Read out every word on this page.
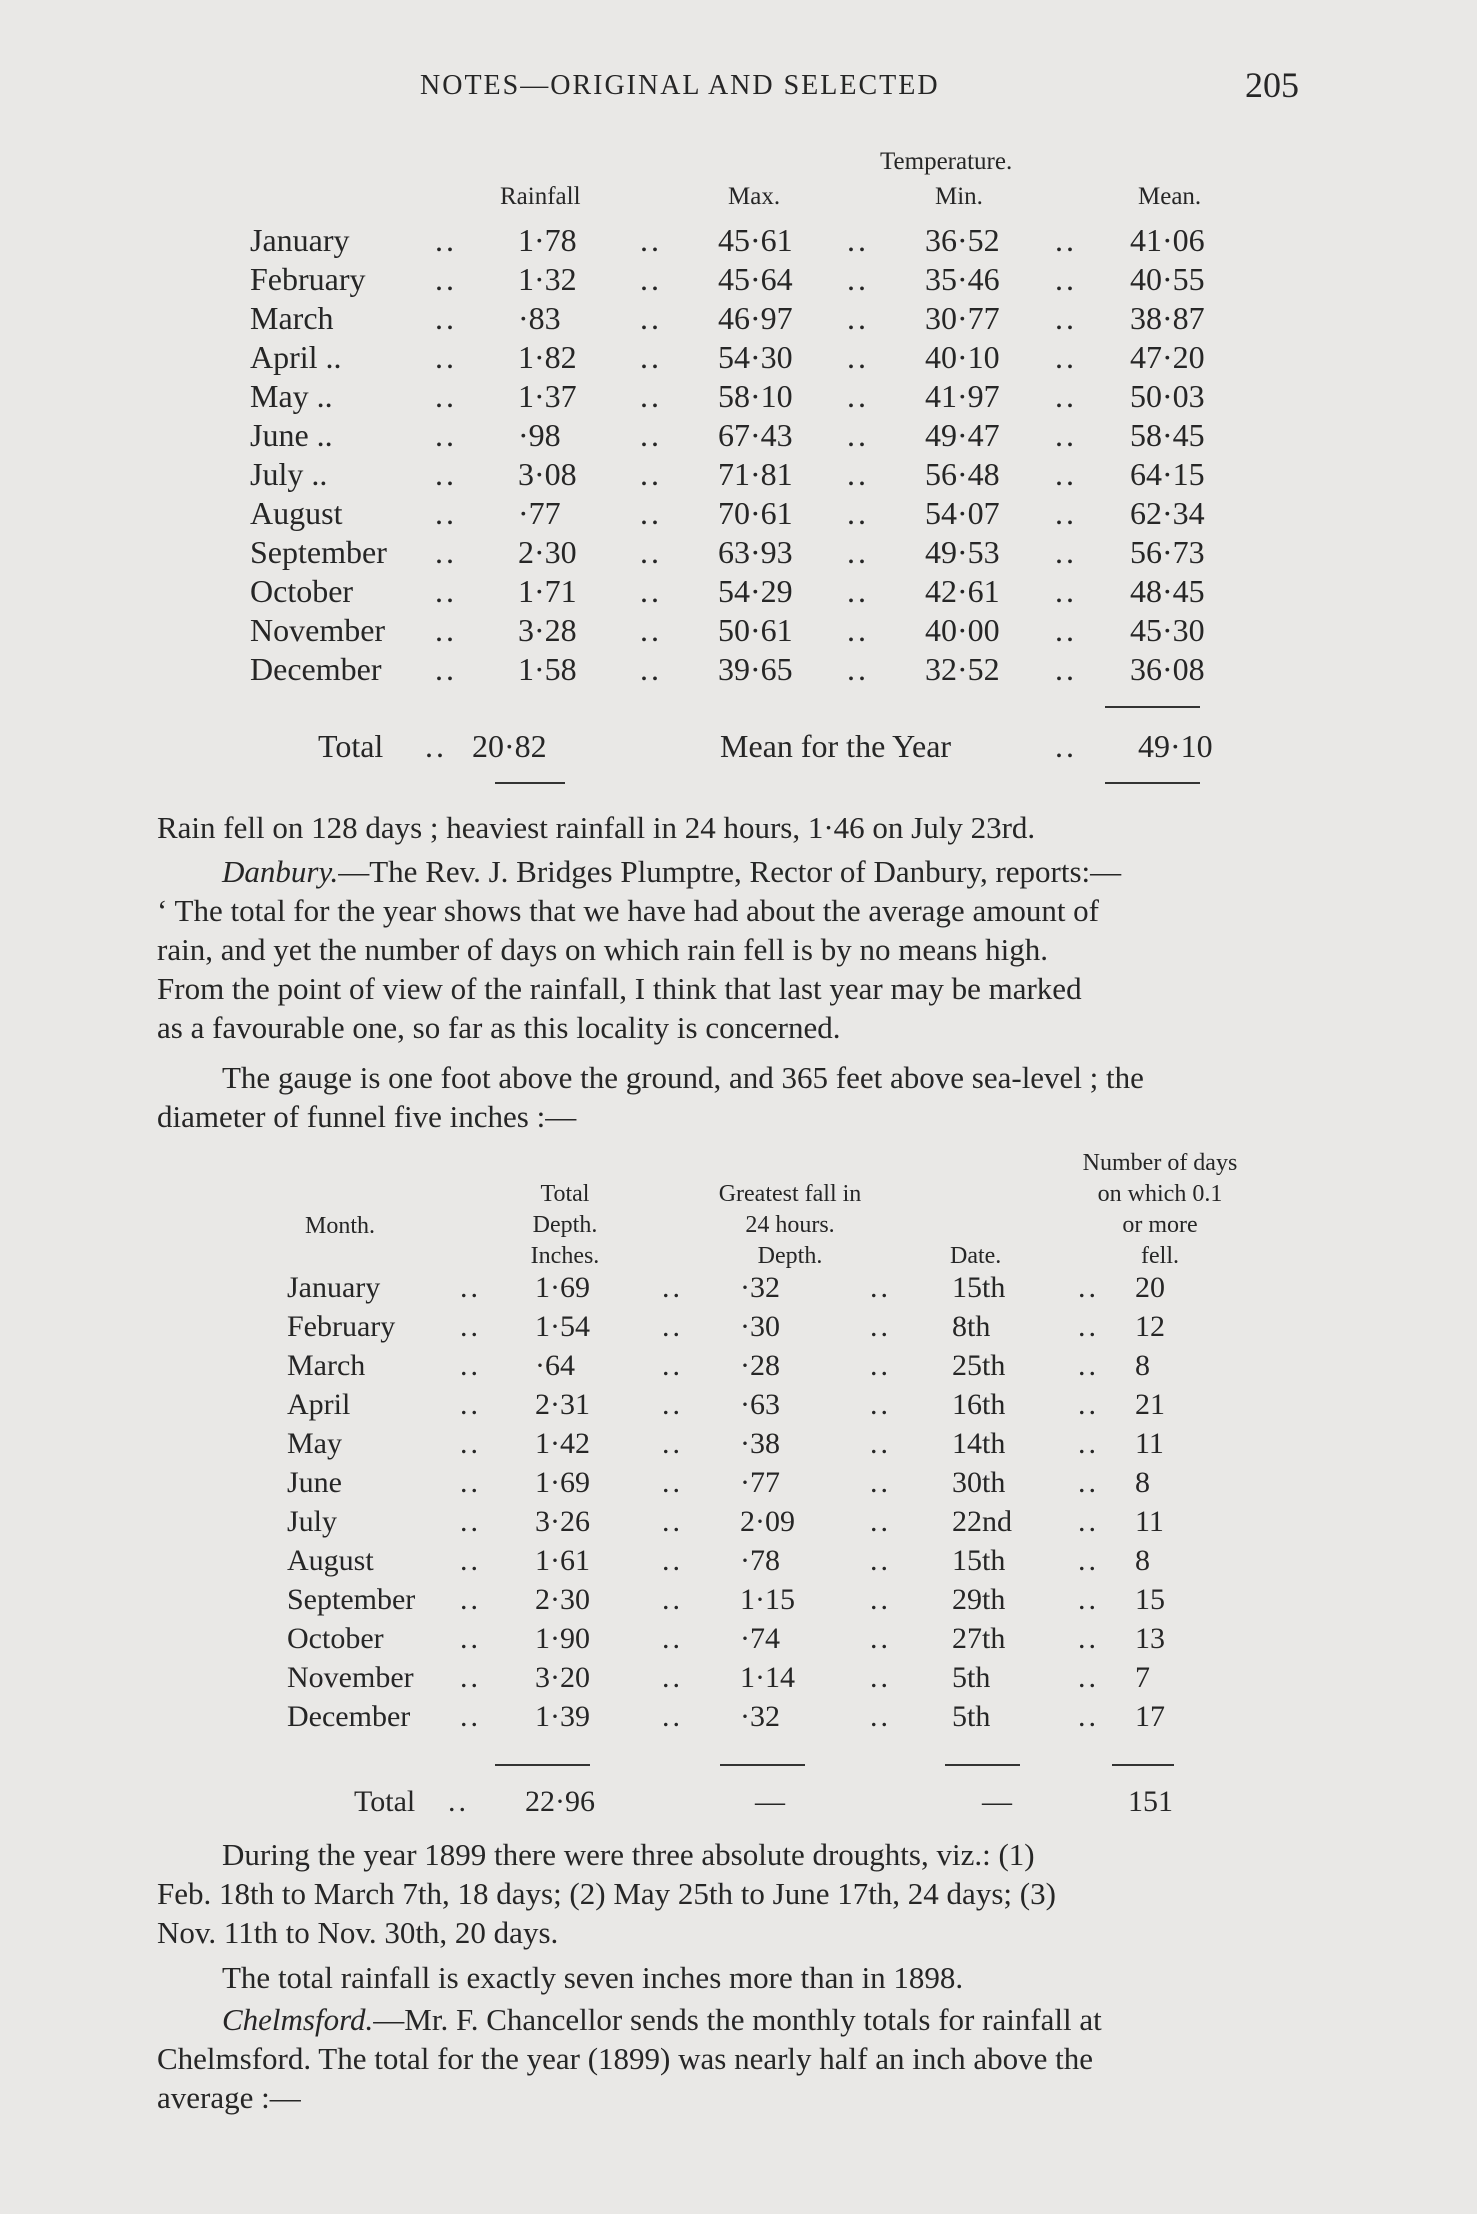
NOTES—ORIGINAL AND SELECTED	205
Temperature.
Rainfall	Max.	Min.	Mean.
January	.. 1·78 .. 45·61 .. 36·52 .. 41·06
February .. 1·32 .. 45·64 .. 35·46 .. 40·55
March	.. ·83 .. 46·97 .. 30·77 .. 38·87
April ..	.. 1·82 .. 54·30 .. 40·10 .. 47·20
May ..	.. 1·37 .. 58·10 .. 41·97 .. 50·03
June ..	.. ·98 .. 67·43 .. 49·47 .. 58·45
July ..	.. 3·08 .. 71·81 .. 56·48 .. 64·15
August	.. ·77 .. 70·61 .. 54·07 .. 62·34
September .. 2·30 .. 63·93 .. 49·53 .. 56·73
October	.. 1·71 .. 54·29 .. 42·61 .. 48·45
November .. 3·28 .. 50·61 .. 40·00 .. 45·30
December .. 1·58 .. 39·65 .. 32·52 .. 36·08
Total .. 20·82	Mean for the Year	.. 49·10
Rain fell on 128 days ; heaviest rainfall in 24 hours, 1·46 on July 23rd.
Danbury.—The Rev. J. Bridges Plumptre, Rector of Danbury, reports:—
‘ The total for the year shows that we have had about the average amount of
rain, and yet the number of days on which rain fell is by no means high.
From the point of view of the rainfall, I think that last year may be marked
as a favourable one, so far as this locality is concerned.
The gauge is one foot above the ground, and 365 feet above sea-level ; the
diameter of funnel five inches :—
Month.
Total
Depth.
Inches.
Greatest fall in
24 hours.
Depth.	Date.
Number of days
on which 0.1
or more
fell.
January	.. 1·69 .. ·32	.. 15th .. 20
February .. 1·54 .. ·30	.. 8th	.. 12
March	.. ·64	.. ·28	.. 25th .. 8
April	.. 2·31 .. ·63	.. 16th .. 21
May	.. 1·42 .. ·38	.. 14th .. 11
June	.. 1·69 .. ·77	.. 30th .. 8
July	.. 3·26 .. 2·09	.. 22nd .. 11
August	.. 1·61 .. ·78	.. 15th .. 8
September .. 2·30 .. 1·15	.. 29th .. 15
October	.. 1·90 .. ·74	.. 27th .. 13
November .. 3·20 .. 1·14	.. 5th	.. 7
December .. 1·39 .. ·32	.. 5th	.. 17
Total .. 22·96	—	—	151
During the year 1899 there were three absolute droughts, viz.: (1)
Feb. 18th to March 7th, 18 days; (2) May 25th to June 17th, 24 days; (3)
Nov. 11th to Nov. 30th, 20 days.
The total rainfall is exactly seven inches more than in 1898.
Chelmsford.—Mr. F. Chancellor sends the monthly totals for rainfall at
Chelmsford. The total for the year (1899) was nearly half an inch above the
average :—
